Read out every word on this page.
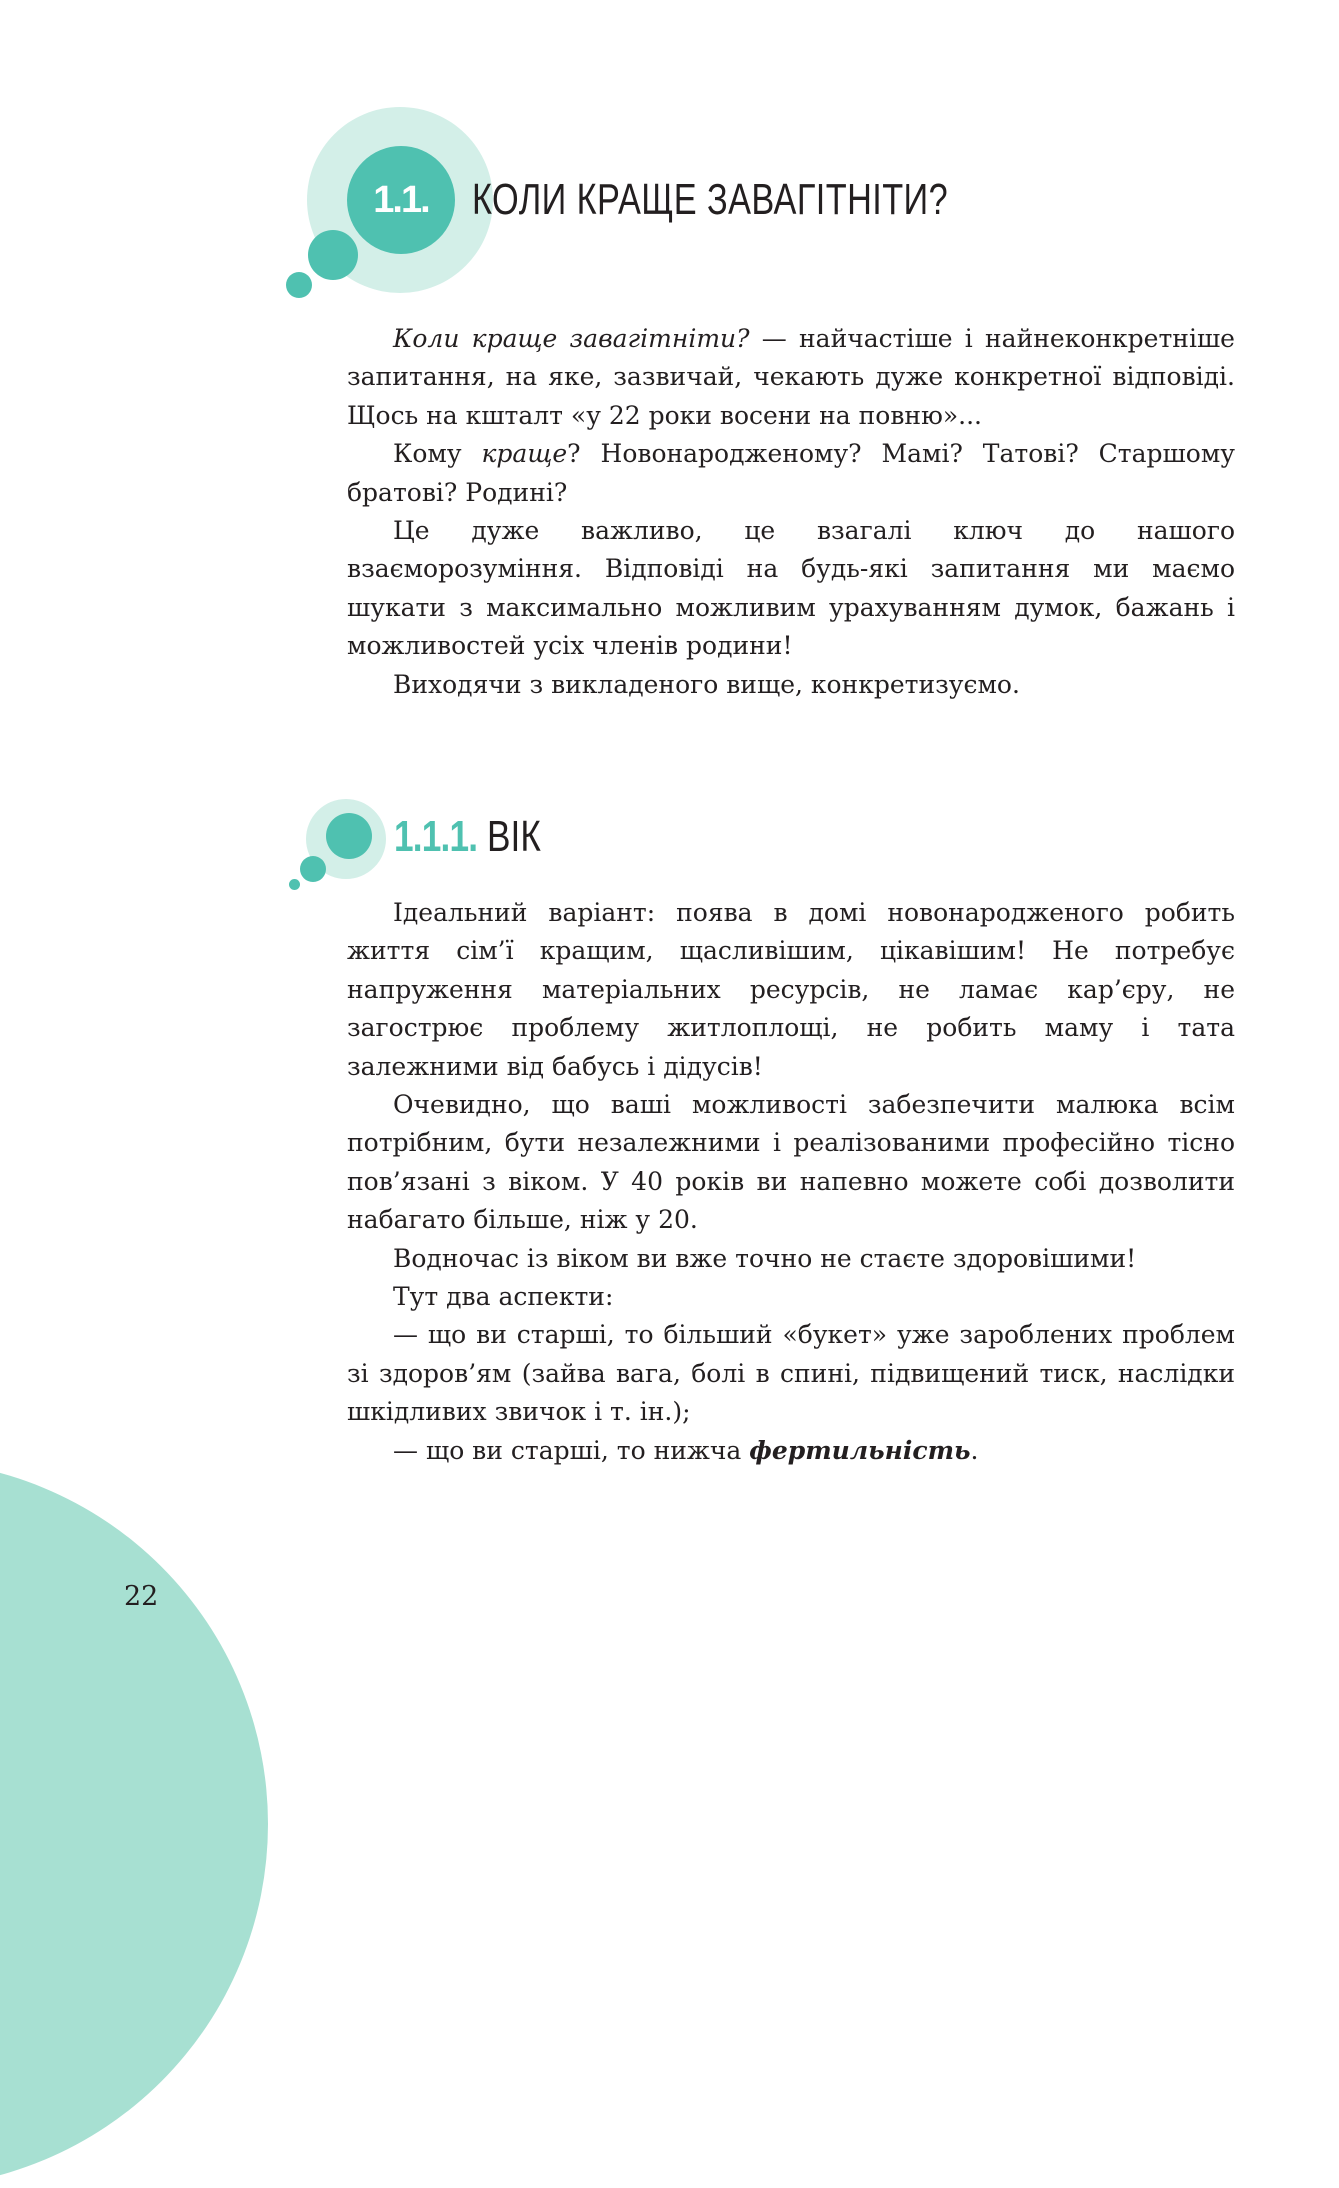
1.1. КОЛИ КРАЩЕ ЗАВАГІТНІТИ?

Коли краще завагітніти? — найчастіше і найнеконкретніше запитання, на яке, зазвичай, чекають дуже конкретної відповіді. Щось на кшталт «у 22 роки восени на повню»...

Кому краще? Новонародженому? Мамі? Татові? Старшому братові? Родині?

Це дуже важливо, це взагалі ключ до нашого взаєморозуміння. Відповіді на будь-які запитання ми маємо шукати з максимально можливим урахуванням думок, бажань і можливостей усіх членів родини!

Виходячи з викладеного вище, конкретизуємо.

1.1.1. ВІК

Ідеальний варіант: поява в домі новонародженого робить життя сім’ї кращим, щасливішим, цікавішим! Не потребує напруження матеріальних ресурсів, не ламає кар’єру, не загострює проблему житлоплощі, не робить маму і тата залежними від бабусь і дідусів!

Очевидно, що ваші можливості забезпечити малюка всім потрібним, бути незалежними і реалізованими професійно тісно пов’язані з віком. У 40 років ви напевно можете собі дозволити набагато більше, ніж у 20.

Водночас із віком ви вже точно не стаєте здоровішими!

Тут два аспекти:

— що ви старші, то більший «букет» уже зароблених проблем зі здоров’ям (зайва вага, болі в спині, підвищений тиск, наслідки шкідливих звичок і т. ін.);

— що ви старші, то нижча фертильність.

22
